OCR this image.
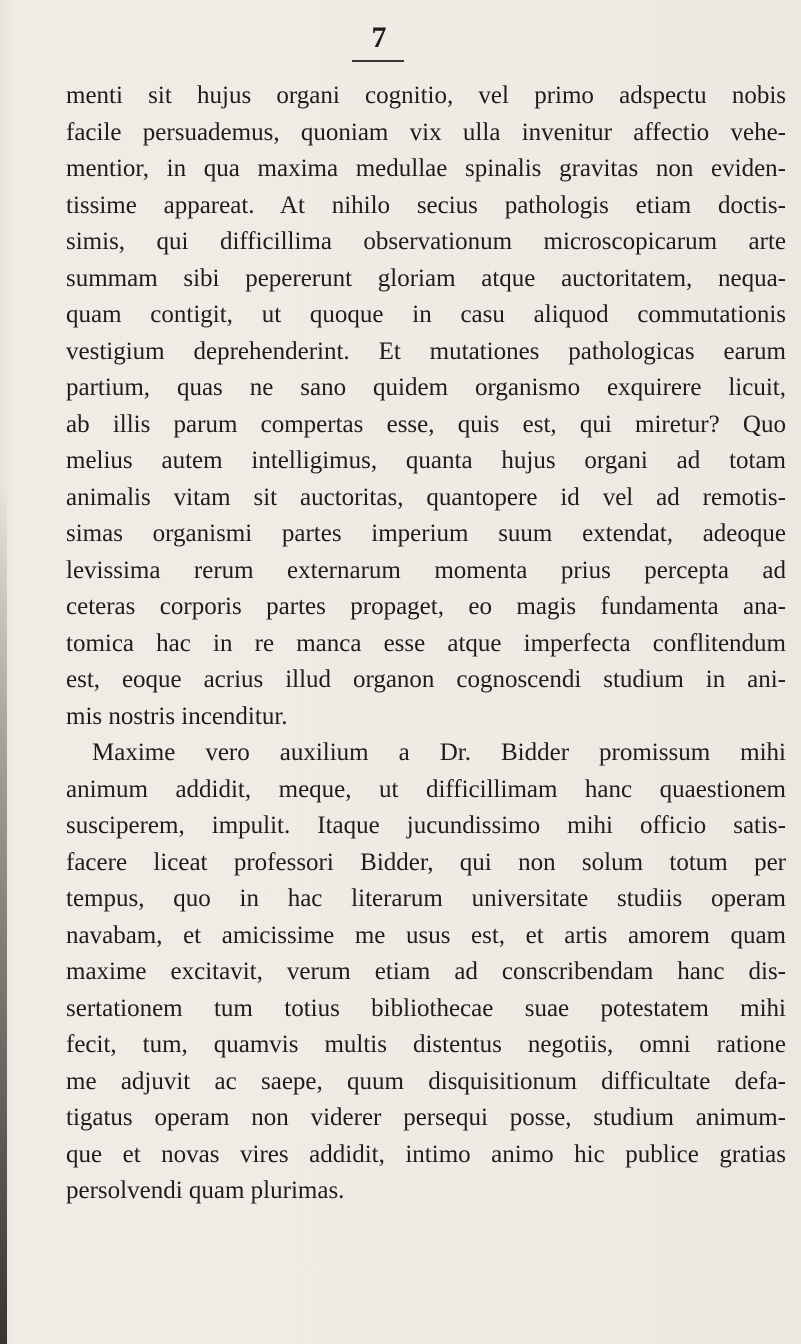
7
menti sit hujus organi cognitio, vel primo adspectu nobis
facile persuademus, quoniam vix ulla invenitur affectio vehe-
mentior, in qua maxima medullae spinalis gravitas non eviden-
tissime appareat. At nihilo secius pathologis etiam doctis-
simis, qui difficillima observationum microscopicarum arte
summam sibi pepererunt gloriam atque auctoritatem, nequa-
quam contigit, ut quoque in casu aliquod commutationis
vestigium deprehenderint. Et mutationes pathologicas earum
partium, quas ne sano quidem organismo exquirere licuit,
ab illis parum compertas esse, quis est, qui miretur? Quo
melius autem intelligimus, quanta hujus organi ad totam
animalis vitam sit auctoritas, quantopere id vel ad remotis-
simas organismi partes imperium suum extendat, adeoque
levissima rerum externarum momenta prius percepta ad
ceteras corporis partes propaget, eo magis fundamenta ana-
tomica hac in re manca esse atque imperfecta conflitendum
est, eoque acrius illud organon cognoscendi studium in ani-
mis nostris incenditur.
Maxime vero auxilium a Dr. Bidder promissum mihi
animum addidit, meque, ut difficillimam hanc quaestionem
susciperem, impulit. Itaque jucundissimo mihi officio satis-
facere liceat professori Bidder, qui non solum totum per
tempus, quo in hac literarum universitate studiis operam
navabam, et amicissime me usus est, et artis amorem quam
maxime excitavit, verum etiam ad conscribendam hanc dis-
sertationem tum totius bibliothecae suae potestatem mihi
fecit, tum, quamvis multis distentus negotiis, omni ratione
me adjuvit ac saepe, quum disquisitionum difficultate defa-
tigatus operam non viderer persequi posse, studium animum-
que et novas vires addidit, intimo animo hic publice gratias
persolvendi quam plurimas.
